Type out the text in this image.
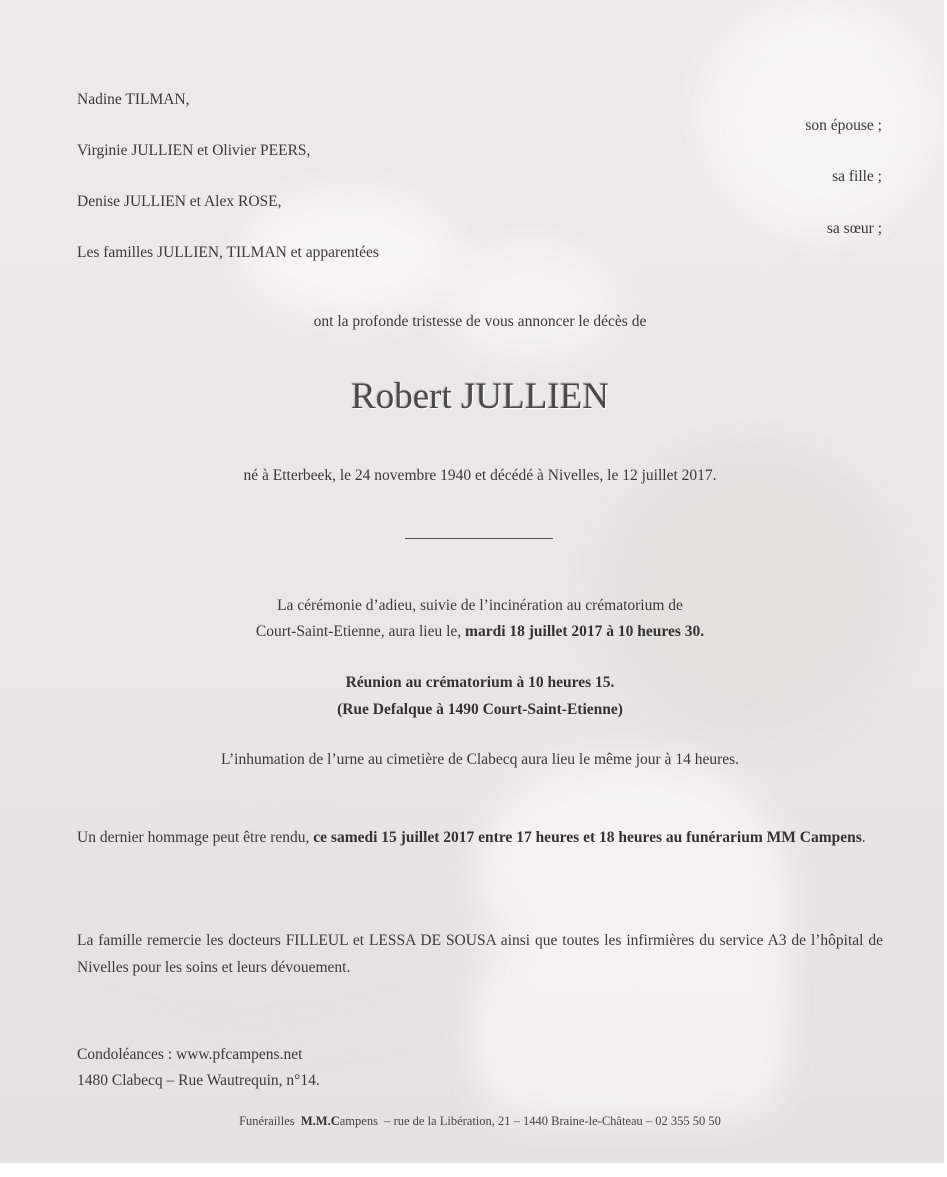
Nadine TILMAN,
son épouse ;
Virginie JULLIEN et Olivier PEERS,
sa fille ;
Denise JULLIEN et Alex ROSE,
sa sœur ;
Les familles JULLIEN, TILMAN et apparentées
ont la profonde tristesse de vous annoncer le décès de
Robert JULLIEN
né à Etterbeek, le 24 novembre 1940 et décédé à Nivelles, le 12 juillet 2017.
La cérémonie d’adieu, suivie de l’incinération au crématorium de
Court-Saint-Etienne, aura lieu le, mardi 18 juillet 2017 à 10 heures 30.
Réunion au crématorium à 10 heures 15.
(Rue Defalque à 1490 Court-Saint-Etienne)
L’inhumation de l’urne au cimetière de Clabecq aura lieu le même jour à 14 heures.
Un dernier hommage peut être rendu, ce samedi 15 juillet 2017 entre 17 heures et 18 heures au funérarium MM Campens.
La famille remercie les docteurs FILLEUL et LESSA DE SOUSA ainsi que toutes les infirmières du service A3 de l’hôpital de Nivelles pour les soins et leurs dévouement.
Condoléances : www.pfcampens.net
1480 Clabecq – Rue Wautrequin, n°14.
Funérailles M.M.Campens – rue de la Libération, 21 – 1440 Braine-le-Château – 02 355 50 50
